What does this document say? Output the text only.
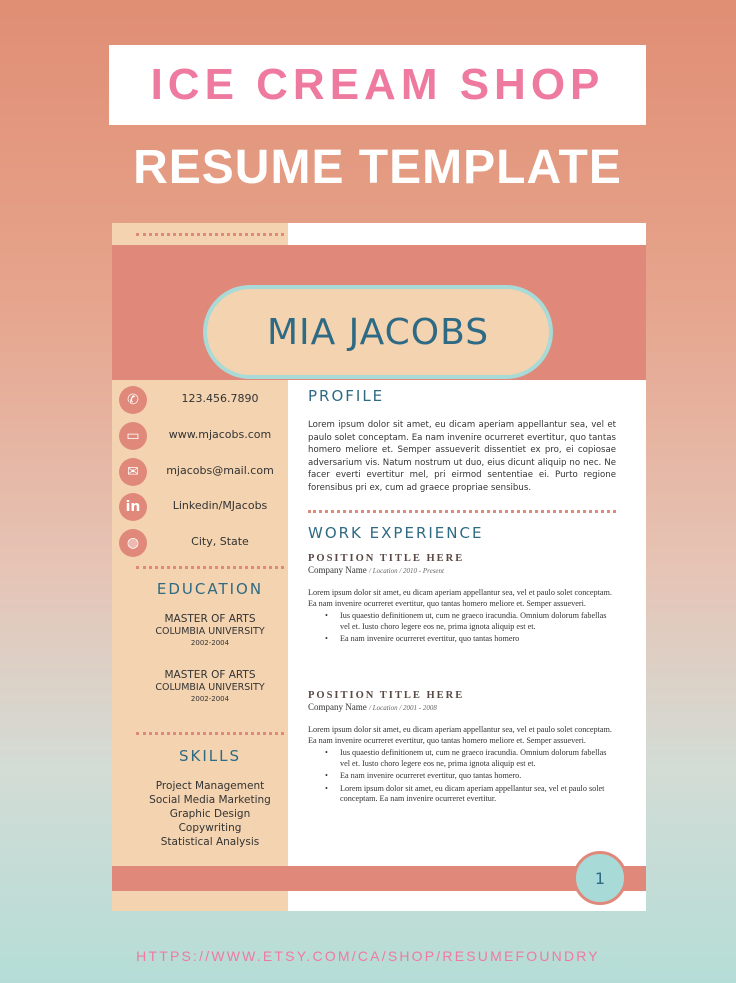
ICE CREAM SHOP
RESUME TEMPLATE
MIA JACOBS
✆	123.456.7890
▭	www.mjacobs.com
✉	mjacobs@mail.com
in	Linkedin/MJacobs
◍	City, State
EDUCATION
MASTER OF ARTS
COLUMBIA UNIVERSITY
2002-2004
MASTER OF ARTS
COLUMBIA UNIVERSITY
2002-2004
SKILLS
Project Management
Social Media Marketing
Graphic Design
Copywriting
Statistical Analysis
PROFILE
Lorem ipsum dolor sit amet, eu dicam aperiam appellantur sea, vel et paulo solet conceptam. Ea nam invenire ocurreret evertitur, quo tantas homero meliore et. Semper assueverit dissentiet ex pro, ei copiosae adversarium vis. Natum nostrum ut duo, eius dicunt aliquip no nec. Ne facer everti evertitur mel, pri eirmod sententiae ei. Purto regione forensibus pri ex, cum ad graece propriae sensibus.
WORK EXPERIENCE
POSITION TITLE HERE
Company Name / Location / 2010 - Present
Lorem ipsum dolor sit amet, eu dicam aperiam appellantur sea, vel et paulo solet conceptam. Ea nam invenire ocurreret evertitur, quo tantas homero meliore et. Semper assueveri.
• Ius quaestio definitionem ut, cum ne graeco iracundia. Omnium dolorum fabellas vel et. Iusto choro legere eos ne, prima ignota aliquip est et.
• Ea nam invenire ocurreret evertitur, quo tantas homero
POSITION TITLE HERE
Company Name / Location / 2001 - 2008
Lorem ipsum dolor sit amet, eu dicam aperiam appellantur sea, vel et paulo solet conceptam. Ea nam invenire ocurreret evertitur, quo tantas homero meliore et. Semper assueveri.
• Ius quaestio definitionem ut, cum ne graeco iracundia. Omnium dolorum fabellas vel et. Iusto choro legere eos ne, prima ignota aliquip est et.
• Ea nam invenire ocurreret evertitur, quo tantas homero.
• Lorem ipsum dolor sit amet, eu dicam aperiam appellantur sea, vel et paulo solet conceptam. Ea nam invenire ocurreret evertitur.
1
HTTPS://WWW.ETSY.COM/CA/SHOP/RESUMEFOUNDRY
